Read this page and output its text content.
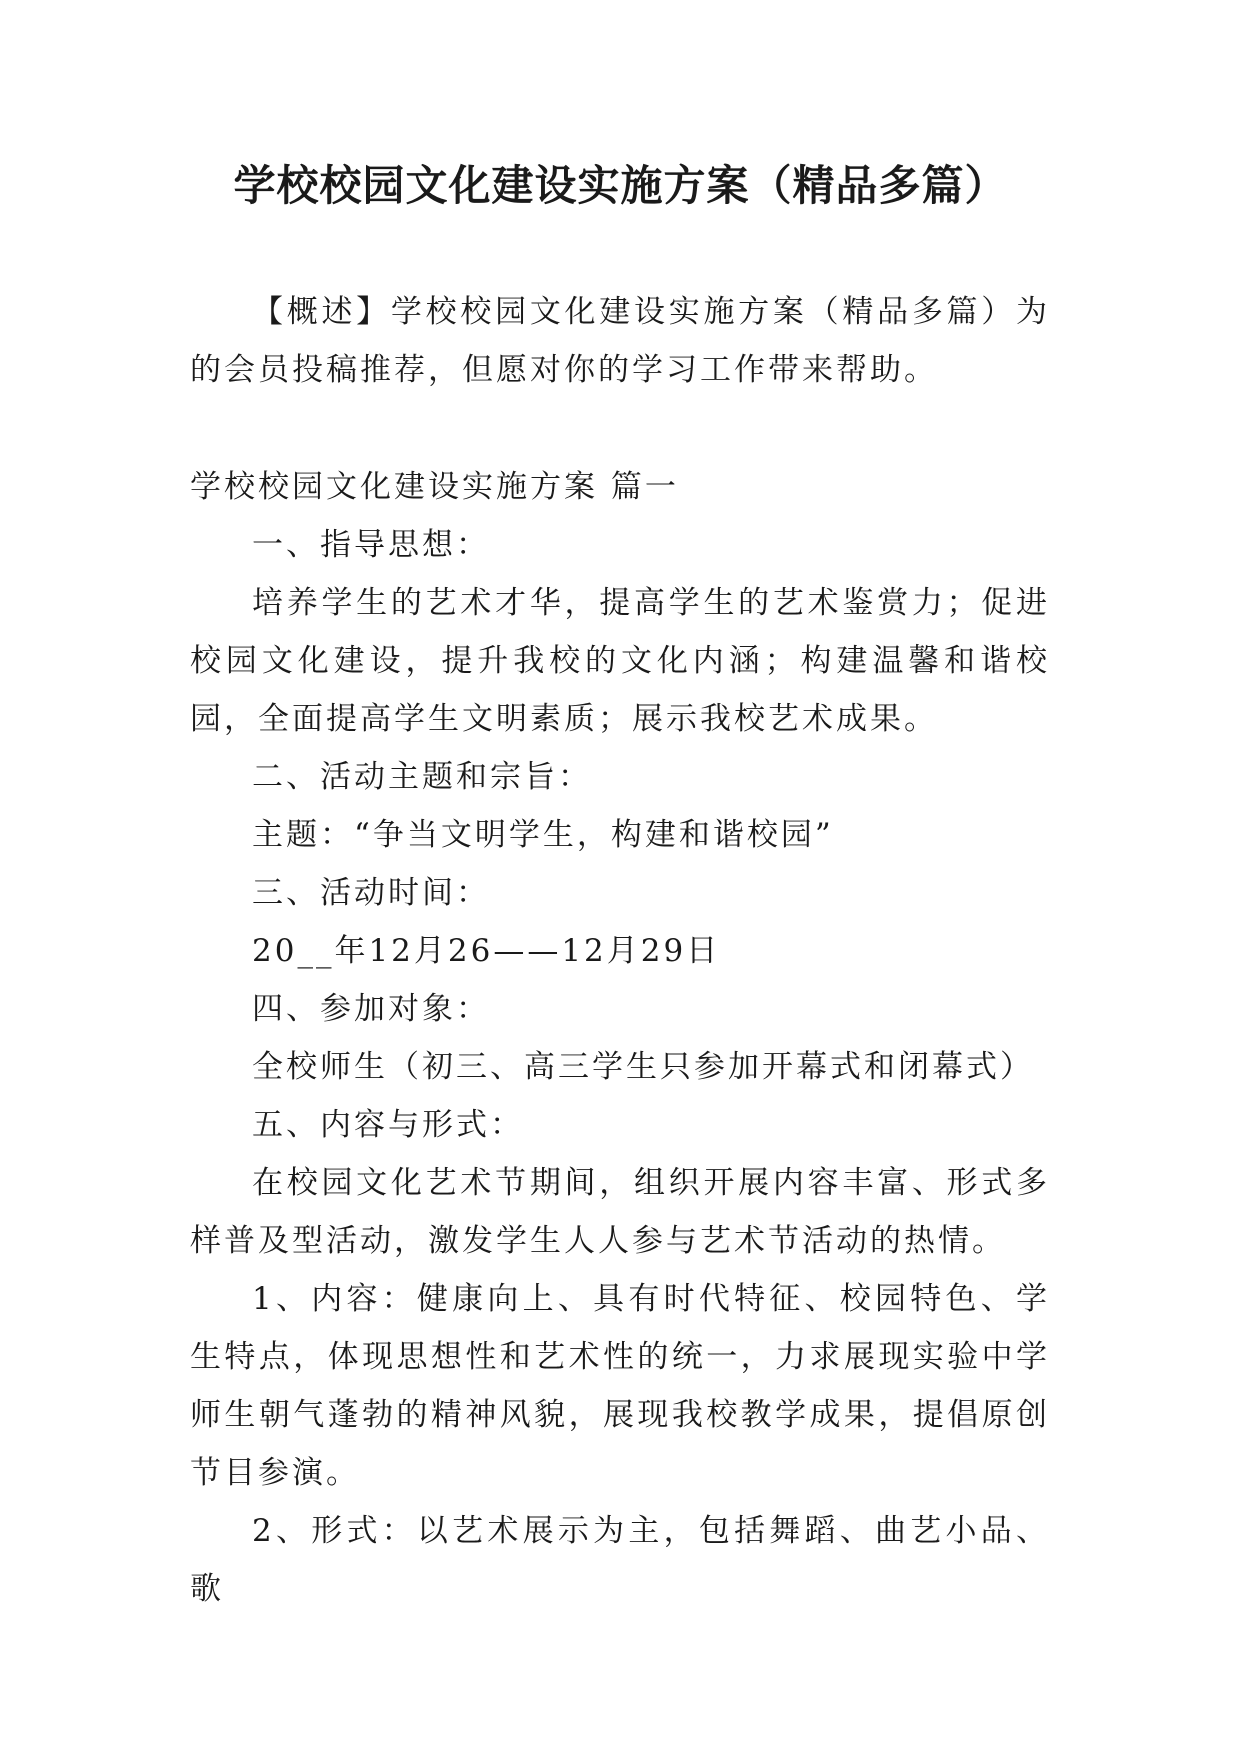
学校校园文化建设实施方案（精品多篇）

【概述】学校校园文化建设实施方案（精品多篇）为的会员投稿推荐，但愿对你的学习工作带来帮助。

学校校园文化建设实施方案 篇一

一、指导思想：

培养学生的艺术才华，提高学生的艺术鉴赏力；促进校园文化建设，提升我校的文化内涵；构建温馨和谐校园，全面提高学生文明素质；展示我校艺术成果。

二、活动主题和宗旨：

主题：“争当文明学生，构建和谐校园”

三、活动时间：

20__年12月26——12月29日

四、参加对象：

全校师生（初三、高三学生只参加开幕式和闭幕式）

五、内容与形式：

在校园文化艺术节期间，组织开展内容丰富、形式多样普及型活动，激发学生人人参与艺术节活动的热情。

1、内容：健康向上、具有时代特征、校园特色、学生特点，体现思想性和艺术性的统一，力求展现实验中学师生朝气蓬勃的精神风貌，展现我校教学成果，提倡原创节目参演。

2、形式：以艺术展示为主，包括舞蹈、曲艺小品、歌
